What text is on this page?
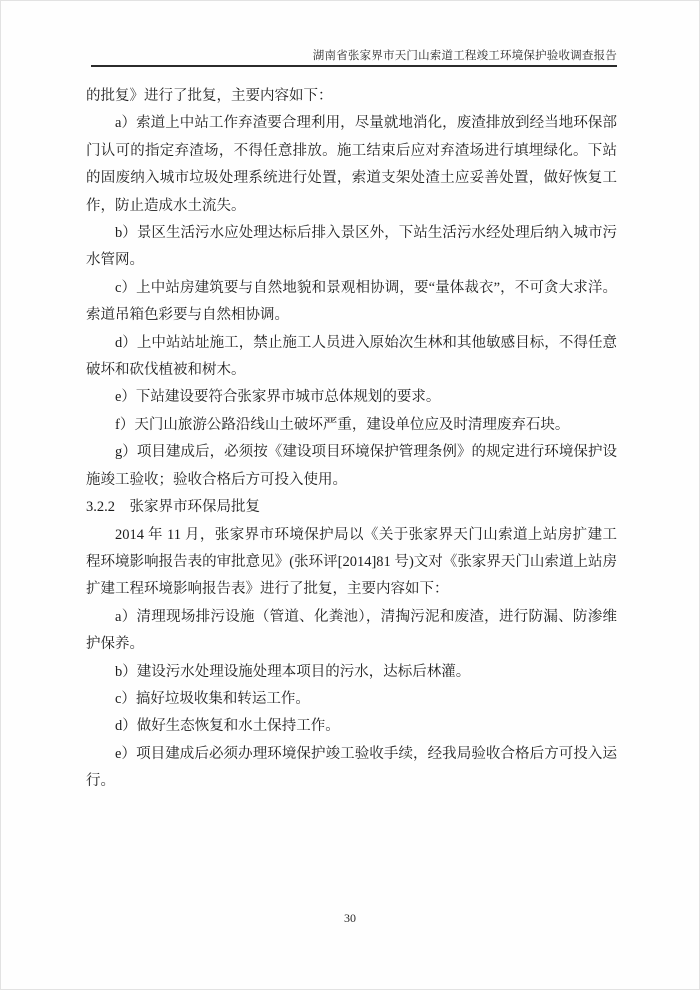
湖南省张家界市天门山索道工程竣工环境保护验收调查报告

的批复》进行了批复，主要内容如下：

a）索道上中站工作弃渣要合理利用，尽量就地消化，废渣排放到经当地环保部门认可的指定弃渣场，不得任意排放。施工结束后应对弃渣场进行填埋绿化。下站的固废纳入城市垃圾处理系统进行处置，索道支架处渣土应妥善处置，做好恢复工作，防止造成水土流失。

b）景区生活污水应处理达标后排入景区外，下站生活污水经处理后纳入城市污水管网。

c）上中站房建筑要与自然地貌和景观相协调，要“量体裁衣”，不可贪大求洋。索道吊箱色彩要与自然相协调。

d）上中站站址施工，禁止施工人员进入原始次生林和其他敏感目标，不得任意破坏和砍伐植被和树木。

e）下站建设要符合张家界市城市总体规划的要求。

f）天门山旅游公路沿线山土破坏严重，建设单位应及时清理废弃石块。

g）项目建成后，必须按《建设项目环境保护管理条例》的规定进行环境保护设施竣工验收；验收合格后方可投入使用。

3.2.2 张家界市环保局批复

2014 年 11 月，张家界市环境保护局以《关于张家界天门山索道上站房扩建工程环境影响报告表的审批意见》(张环评[2014]81 号)文对《张家界天门山索道上站房扩建工程环境影响报告表》进行了批复，主要内容如下：

a）清理现场排污设施（管道、化粪池），清掏污泥和废渣，进行防漏、防渗维护保养。

b）建设污水处理设施处理本项目的污水，达标后林灌。

c）搞好垃圾收集和转运工作。

d）做好生态恢复和水土保持工作。

e）项目建成后必须办理环境保护竣工验收手续，经我局验收合格后方可投入运行。

30
